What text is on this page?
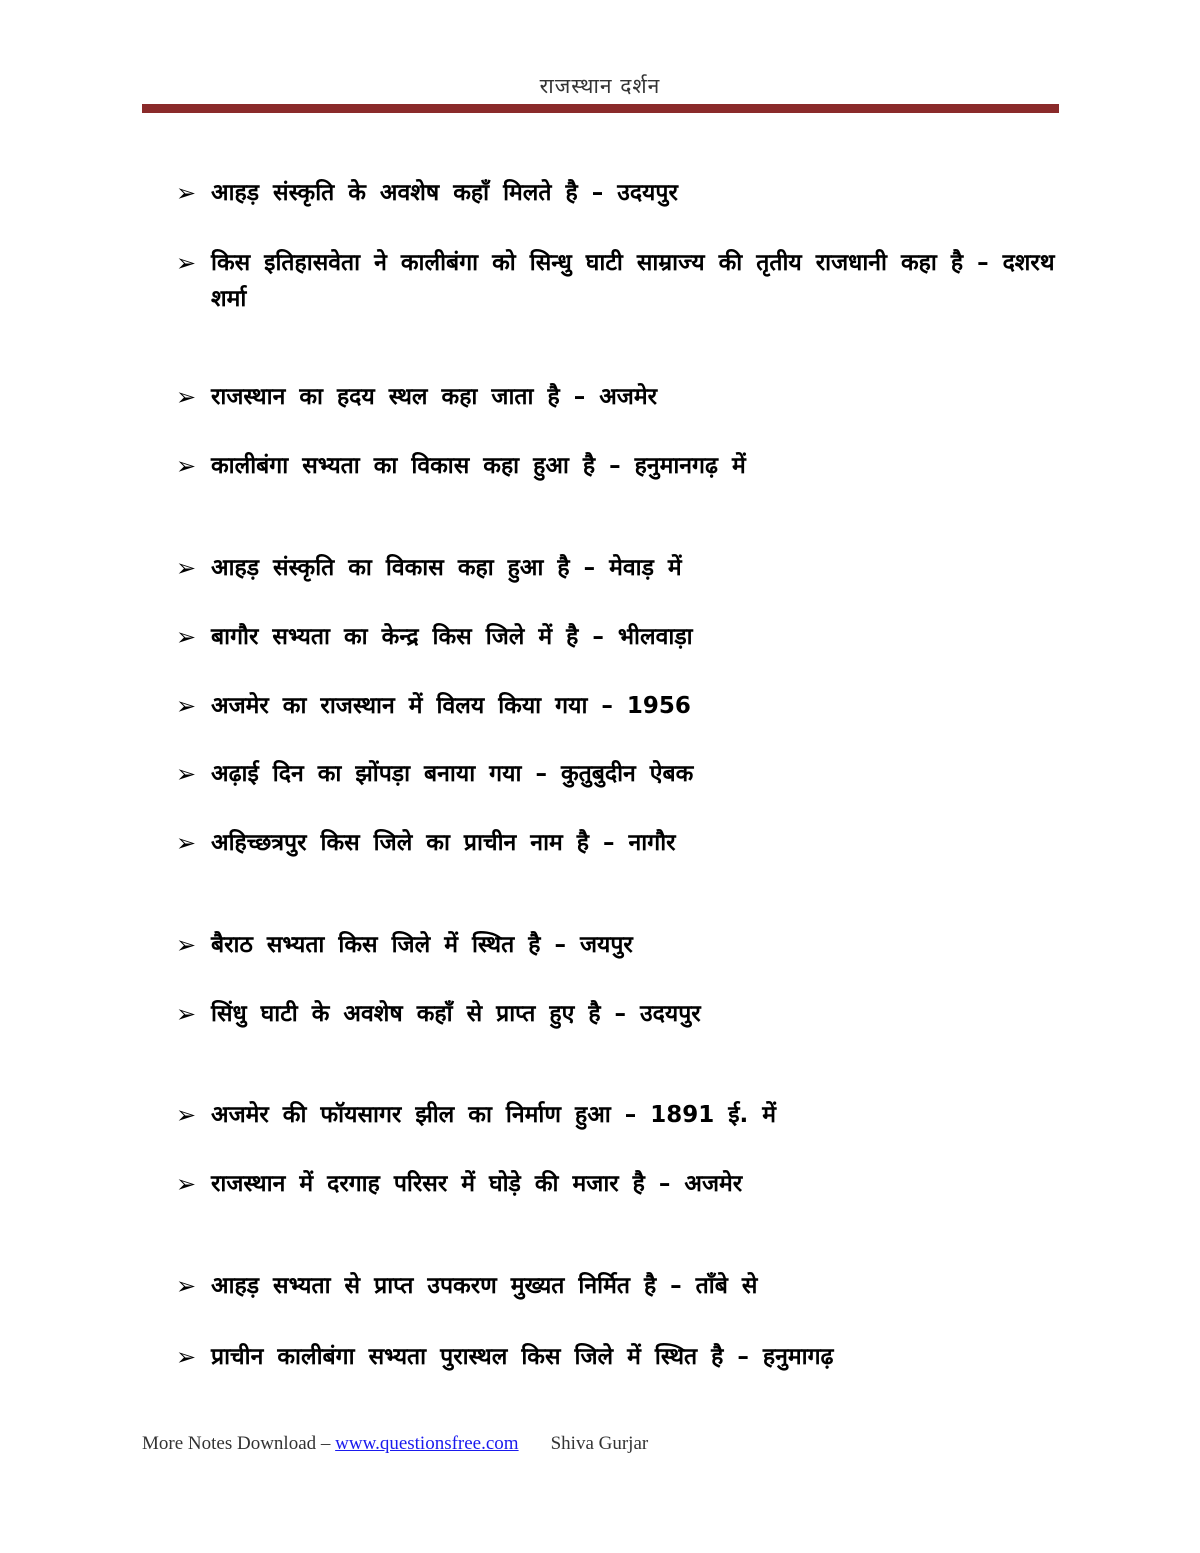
राजस्थान दर्शन
➢ आहड़ संस्कृति के अवशेष कहाँ मिलते है – उदयपुर
➢ किस इतिहासवेता ने कालीबंगा को सिन्धु घाटी साम्राज्य की तृतीय राजधानी कहा है – दशरथ शर्मा
➢ राजस्थान का हदय स्थल कहा जाता है – अजमेर
➢ कालीबंगा सभ्यता का विकास कहा हुआ है – हनुमानगढ़ में
➢ आहड़ संस्कृति का विकास कहा हुआ है – मेवाड़ में
➢ बागौर सभ्यता का केन्द्र किस जिले में है – भीलवाड़ा
➢ अजमेर का राजस्थान में विलय किया गया – 1956
➢ अढ़ाई दिन का झोंपड़ा बनाया गया – कुतुबुदीन ऐबक
➢ अहिच्छत्रपुर किस जिले का प्राचीन नाम है – नागौर
➢ बैराठ सभ्यता किस जिले में स्थित है – जयपुर
➢ सिंधु घाटी के अवशेष कहाँ से प्राप्त हुए है – उदयपुर
➢ अजमेर की फॉयसागर झील का निर्माण हुआ – 1891 ई. में
➢ राजस्थान में दरगाह परिसर में घोड़े की मजार है – अजमेर
➢ आहड़ सभ्यता से प्राप्त उपकरण मुख्यत निर्मित है – ताँबे से
➢ प्राचीन कालीबंगा सभ्यता पुरास्थल किस जिले में स्थित है – हनुमागढ़
More Notes Download – www.questionsfree.com Shiva Gurjar
